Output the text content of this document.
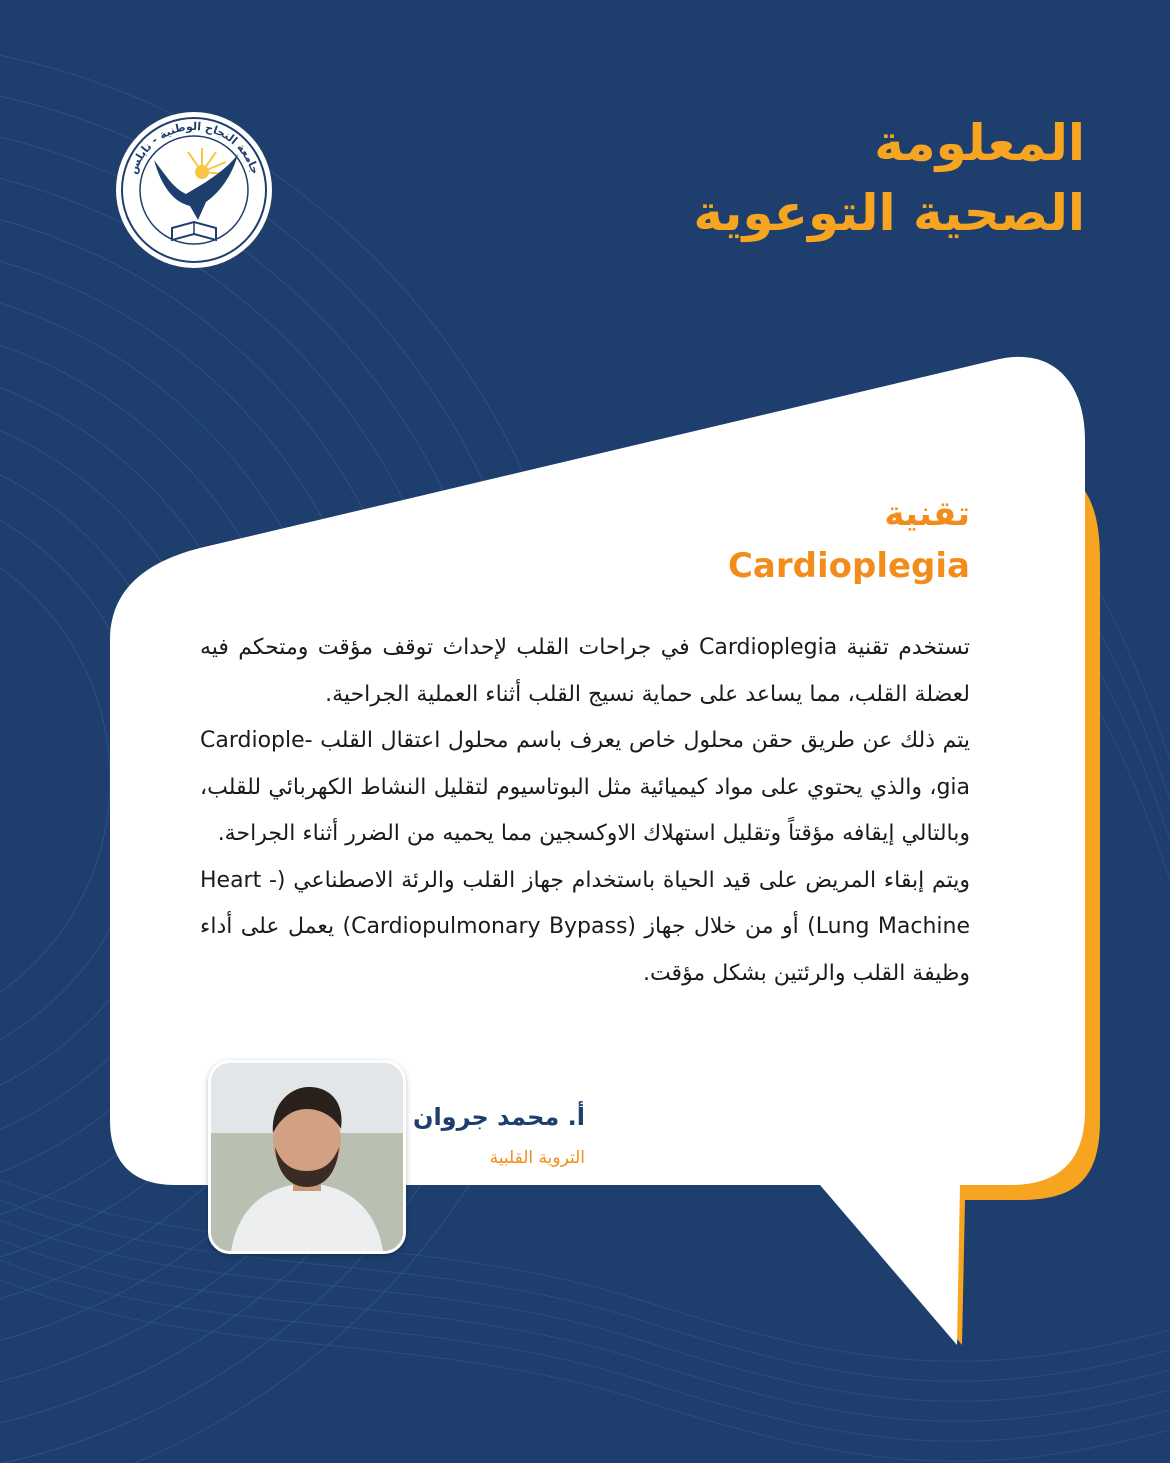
جامعة النجاح الوطنية - نابلس	المعلومة
الصحية التوعوية
تقنية
Cardioplegia

تستخدم تقنية Cardioplegia في جراحات القلب لإحداث توقف مؤقت ومتحكم فيه لعضلة القلب، مما يساعد على حماية نسيج القلب أثناء العملية الجراحية.

يتم ذلك عن طريق حقن محلول خاص يعرف باسم محلول اعتقال القلب -Cardiople gia، والذي يحتوي على مواد كيميائية مثل البوتاسيوم لتقليل النشاط الكهربائي للقلب، وبالتالي إيقافه مؤقتاً وتقليل استهلاك الاوكسجين مما يحميه من الضرر أثناء الجراحة.

ويتم إبقاء المريض على قيد الحياة باستخدام جهاز القلب والرئة الاصطناعي (Heart -Lung Machine) أو من خلال جهاز (Cardiopulmonary Bypass) يعمل على أداء وظيفة القلب والرئتين بشكل مؤقت.

أ. محمد جروان
التروية القلبية
